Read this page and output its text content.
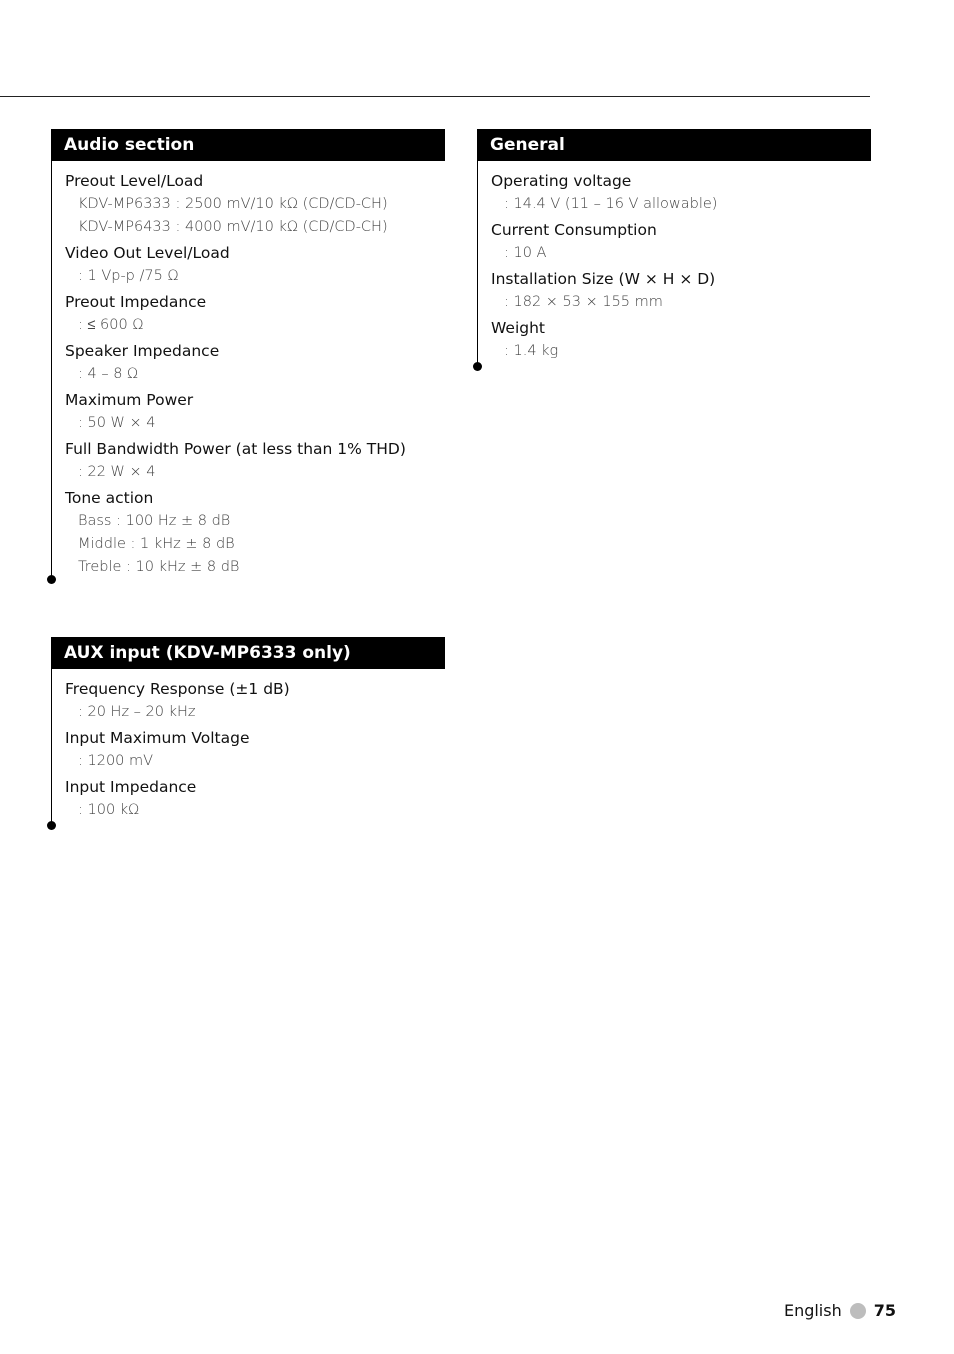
Audio section
Preout Level/Load
KDV-MP6333 : 2500 mV/10 kΩ (CD/CD-CH)
KDV-MP6433 : 4000 mV/10 kΩ (CD/CD-CH)
Video Out Level/Load
: 1 Vp-p /75 Ω
Preout Impedance
: ≤ 600 Ω
Speaker Impedance
: 4 – 8 Ω
Maximum Power
: 50 W × 4
Full Bandwidth Power (at less than 1% THD)
: 22 W × 4
Tone action
Bass : 100 Hz ± 8 dB
Middle : 1 kHz ± 8 dB
Treble : 10 kHz ± 8 dB
AUX input (KDV-MP6333 only)
Frequency Response (±1 dB)
: 20 Hz – 20 kHz
Input Maximum Voltage
: 1200 mV
Input Impedance
: 100 kΩ
General
Operating voltage
: 14.4 V (11 – 16 V allowable)
Current Consumption
: 10 A
Installation Size (W × H × D)
: 182 × 53 × 155 mm
Weight
: 1.4 kg
English 75
